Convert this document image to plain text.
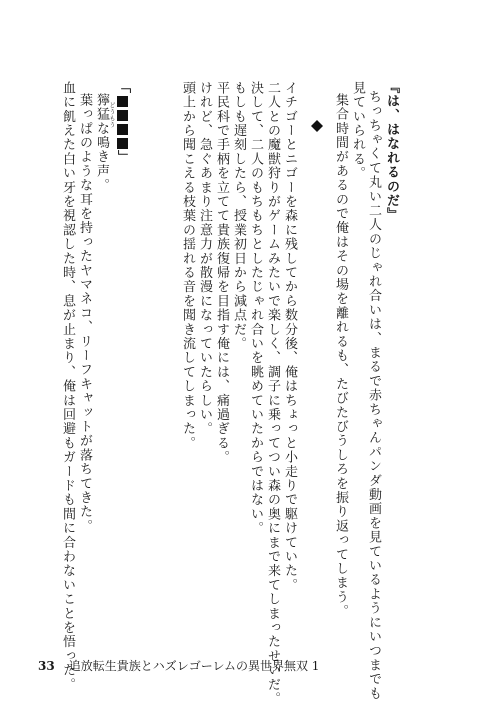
『は、はなれるのだ』
ちっちゃくて丸い二人のじゃれ合いは、まるで赤ちゃんパンダ動画を見ているようにいつまでも
見ていられる。
集合時間があるので俺はその場を離れるも、たびたびうしろを振り返ってしまう。
イチゴーとニゴーを森に残してから数分後、俺はちょっと小走りで駆けていた。
二人との魔獣狩りがゲームみたいで楽しく、調子に乗ってつい森の奥にまで来てしまったせいだ。
決して、二人のもちもちとしたじゃれ合いを眺めていたからではない。
もしも遅刻したら、授業初日から減点だ。
平民科で手柄を立てて貴族復帰を目指す俺には、痛過ぎる。
けれど、急ぐあまり注意力が散漫になっていたらしい。
頭上から聞こえる枝葉の揺れる音を聞き流してしまった。
「」
どうもう
獰猛な鳴き声。
葉っぱのような耳を持ったヤマネコ、リーフキャットが落ちてきた。
血に飢えた白い牙を視認した時、息が止まり、俺は回避もガードも間に合わないことを悟った。
33 追放転生貴族とハズレゴーレムの異世界無双 1
